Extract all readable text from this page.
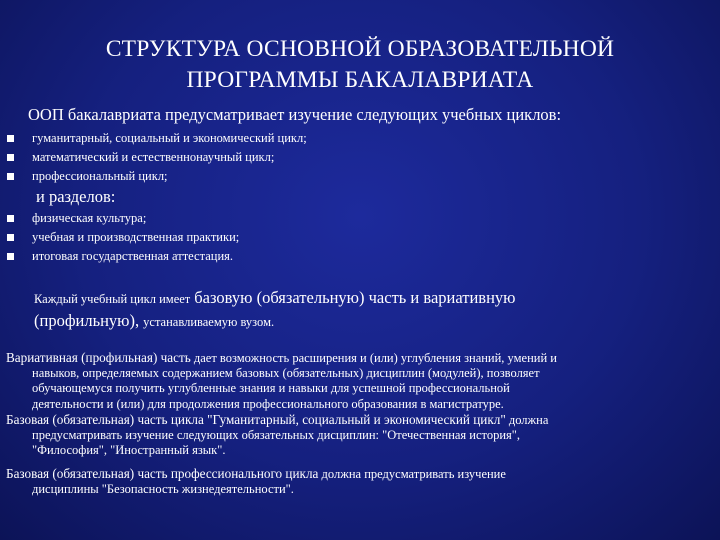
СТРУКТУРА ОСНОВНОЙ ОБРАЗОВАТЕЛЬНОЙ
ПРОГРАММЫ БАКАЛАВРИАТА
ООП бакалавриата предусматривает изучение следующих учебных циклов:
гуманитарный, социальный и экономический цикл;
математический и естественнонаучный цикл;
профессиональный цикл;
и разделов:
физическая культура;
учебная и производственная практики;
итоговая государственная аттестация.
Каждый учебный цикл имеет базовую (обязательную) часть и вариативную
(профильную), устанавливаемую вузом.
Вариативная (профильная) часть дает возможность расширения и (или) углубления знаний, умений и
навыков, определяемых содержанием базовых (обязательных) дисциплин (модулей), позволяет
обучающемуся получить углубленные знания и навыки для успешной профессиональной
деятельности и (или) для продолжения профессионального образования в магистратуре.
Базовая (обязательная) часть цикла "Гуманитарный, социальный и экономический цикл" должна
предусматривать изучение следующих обязательных дисциплин: "Отечественная история",
"Философия", "Иностранный язык".
Базовая (обязательная) часть профессионального цикла должна предусматривать изучение
дисциплины "Безопасность жизнедеятельности".
